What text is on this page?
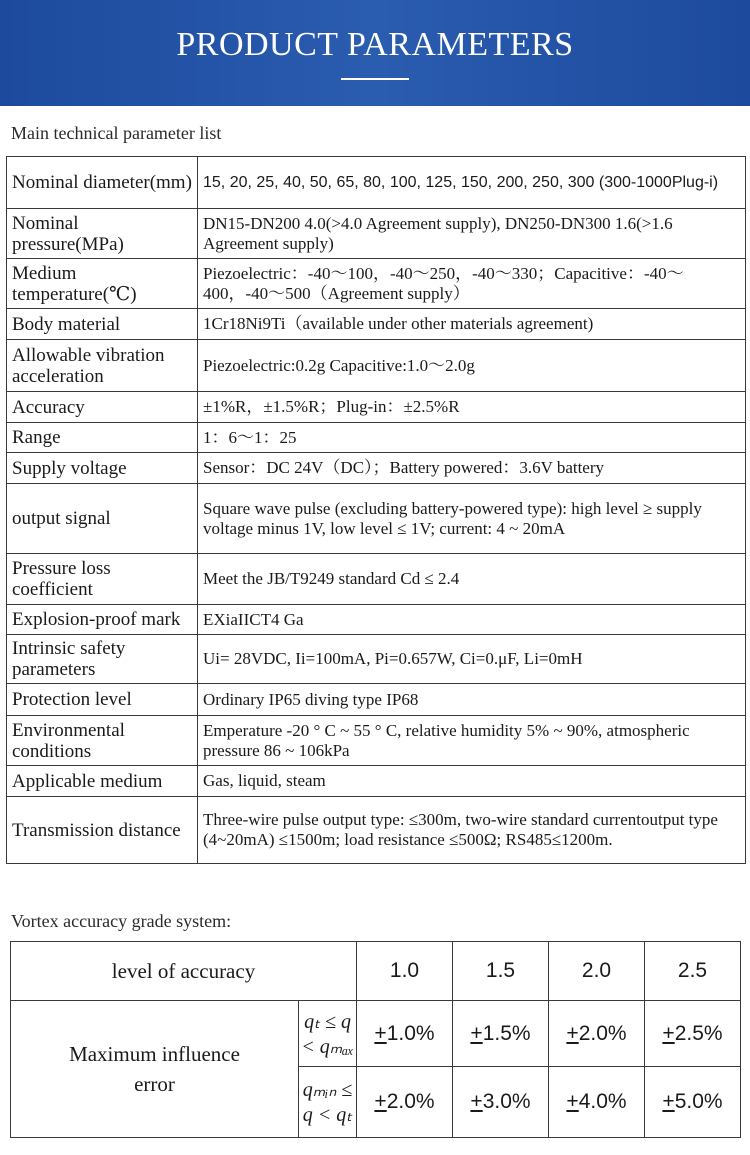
PRODUCT PARAMETERS
Main technical parameter list
Nominal diameter(mm)	15, 20, 25, 40, 50, 65, 80, 100, 125, 150, 200, 250, 300 (300-1000Plug-i)
Nominal pressure(MPa)	DN15-DN200 4.0(>4.0 Agreement supply), DN250-DN300 1.6(>1.6 Agreement supply)
Medium temperature(℃)	Piezoelectric：-40～100，-40～250，-40～330；Capacitive：-40～400，-40～500（Agreement supply）
Body material	1Cr18Ni9Ti（available under other materials agreement)
Allowable vibration acceleration	Piezoelectric:0.2g Capacitive:1.0～2.0g
Accuracy	±1%R，±1.5%R；Plug-in：±2.5%R
Range	1：6～1：25
Supply voltage	Sensor：DC 24V（DC）；Battery powered：3.6V battery
output signal	Square wave pulse (excluding battery-powered type): high level ≥ supply voltage minus 1V, low level ≤ 1V; current: 4 ~ 20mA
Pressure loss coefficient	Meet the JB/T9249 standard Cd ≤ 2.4
Explosion-proof mark	EXiaIICT4 Ga
Intrinsic safety parameters	Ui= 28VDC, Ii=100mA, Pi=0.657W, Ci=0.μF, Li=0mH
Protection level	Ordinary IP65 diving type IP68
Environmental conditions	Emperature -20 ° C ~ 55 ° C, relative humidity 5% ~ 90%, atmospheric pressure 86 ~ 106kPa
Applicable medium	Gas, liquid, steam
Transmission distance	Three-wire pulse output type: ≤300m, two-wire standard currentoutput type (4~20mA) ≤1500m; load resistance ≤500Ω; RS485≤1200m.
Vortex accuracy grade system:
level of accuracy		1.0	1.5	2.0	2.5
Maximum influence error	qₜ ≤ q < qₘₐₓ	+1.0%	+1.5%	+2.0%	+2.5%
	qₘᵢₙ ≤ q < qₜ	+2.0%	+3.0%	+4.0%	+5.0%
